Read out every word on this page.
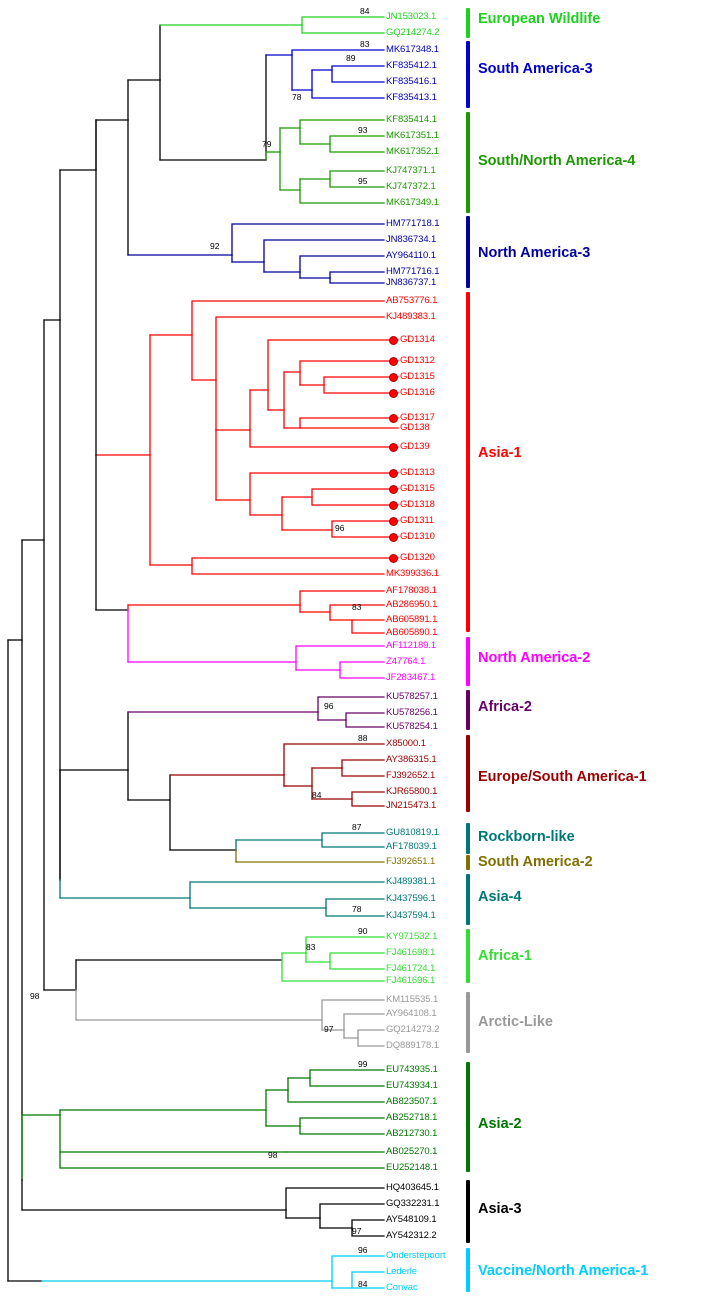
European Wildlife
South America-3
South/North America-4
North America-3
Asia-1
North America-2
Africa-2
Europe/South America-1
Rockborn-like
South America-2
Asia-4
Africa-1
Arctic-Like
Asia-2
Asia-3
Vaccine/North America-1
JN153023.1
GQ214274.2
MK617348.1
KF835412.1
KF835416.1
KF835413.1
KF835414.1
MK617351.1
MK617352.1
KJ747371.1
KJ747372.1
MK617349.1
HM771718.1
JN836734.1
AY964110.1
HM771716.1
JN836737.1
AB753776.1
KJ489383.1
GD1314
GD1312
GD1315
GD1316
GD1317
GD138
GD139
GD1313
GD1315
GD1318
GD1311
GD1310
GD1320
MK399336.1
AF178038.1
AB286950.1
AB605891.1
AB605890.1
AF112189.1
Z47764.1
JF283467.1
KU578257.1
KU578256.1
KU578254.1
X85000.1
AY386315.1
FJ392652.1
KJR65800.1
JN215473.1
GU810819.1
AF178039.1
FJ392651.1
KJ489381.1
KJ437596.1
KJ437594.1
KY971532.1
FJ461698.1
FJ461724.1
FJ461696.1
KM115535.1
AY964108.1
GQ214273.2
DQ889178.1
EU743935.1
EU743934.1
AB823507.1
AB252718.1
AB212730.1
AB025270.1
EU252148.1
HQ403645.1
GQ332231.1
AY548109.1
AY542312.2
Onderstepoort
Lederle
Convac
84
83
89
78
93
79
95
92
96
83
96
88
84
87
78
90
83
97
99
98
97
96
84
98
